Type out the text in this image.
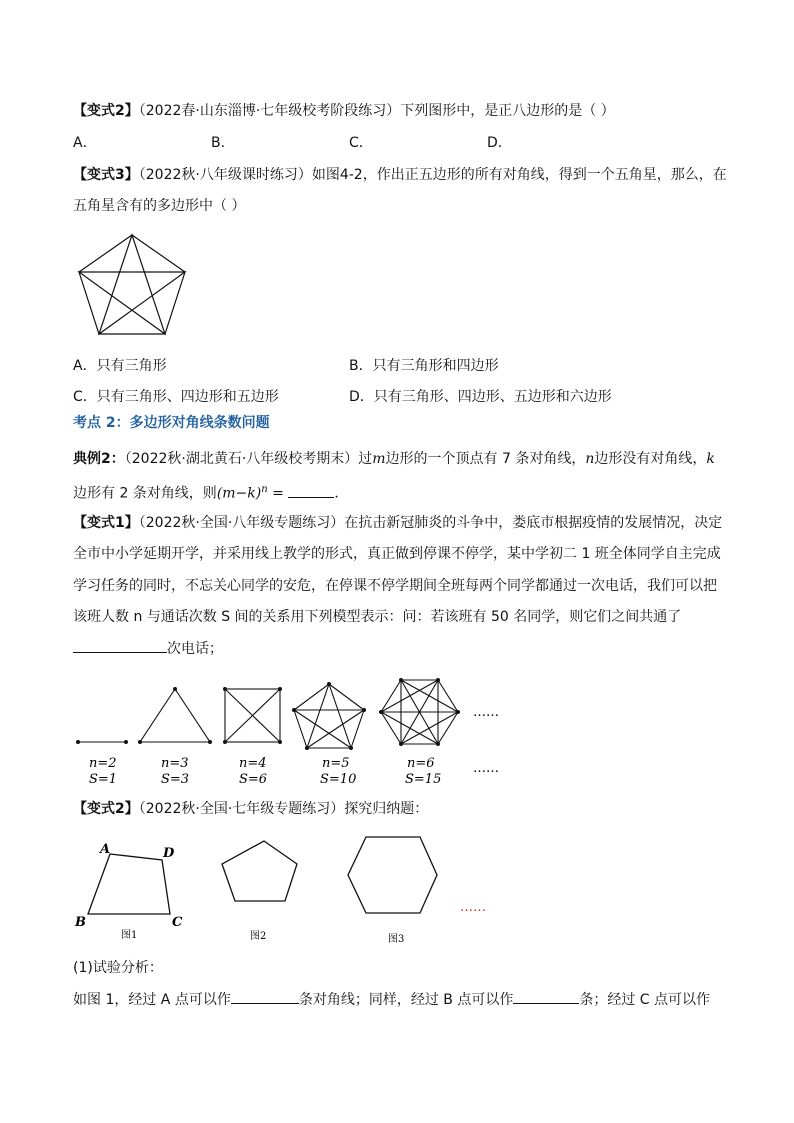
【变式2】（2022春·山东淄博·七年级校考阶段练习）下列图形中，是正八边形的是（ ）
A．	B．	C．	D．
【变式3】（2022秋·八年级课时练习）如图4-2，作出正五边形的所有对角线，得到一个五角星，那么，在
五角星含有的多边形中（ ）
A．只有三角形	B．只有三角形和四边形
C．只有三角形、四边形和五边形	D．只有三角形、四边形、五边形和六边形
考点 2：多边形对角线条数问题
典例2：（2022秋·湖北黄石·八年级校考期末）过m边形的一个顶点有 7 条对角线，n边形没有对角线，k
边形有 2 条对角线，则$(m-k)^n$ =	．
【变式1】（2022秋·全国·八年级专题练习）在抗击新冠肺炎的斗争中，娄底市根据疫情的发展情况，决定
全市中小学延期开学，并采用线上教学的形式，真正做到停课不停学，某中学初二 1 班全体同学自主完成
学习任务的同时，不忘关心同学的安危，在停课不停学期间全班每两个同学都通过一次电话，我们可以把
该班人数 n 与通话次数 S 间的关系用下列模型表示：问：若该班有 50 名同学，则它们之间共通了
次电话；
……
n=2	n=3	n=4	n=5	n=6
S=1	S=3	S=6	S=10	S=15
……
【变式2】（2022秋·全国·七年级专题练习）探究归纳题：
A	D
B	C
图1	图2	图3
……
(1)试验分析：
如图 1，经过 A 点可以作	条对角线；同样，经过 B 点可以作	条；经过 C 点可以作
